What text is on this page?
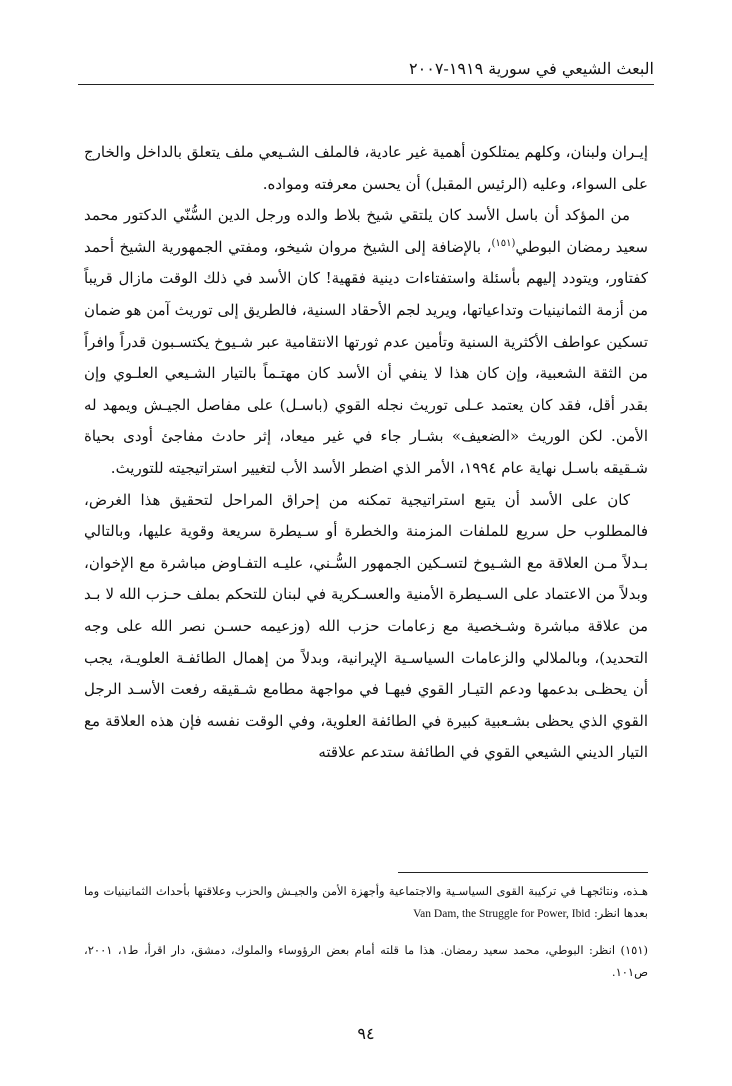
البعث الشيعي في سورية ١٩١٩-٢٠٠٧

إيـران ولبنان، وكلهم يمتلكون أهمية غير عادية، فالملف الشـيعي ملف يتعلق بالداخل والخارج على السواء، وعليه (الرئيس المقبل) أن يحسن معرفته ومواده.

من المؤكد أن باسل الأسد كان يلتقي شيخ بلاط والده ورجل الدين السُّنّي الدكتور محمد سعيد رمضان البوطي$^{(١٥١)}$، بالإضافة إلى الشيخ مروان شيخو، ومفتي الجمهورية الشيخ أحمد كفتاور، ويتودد إليهم بأسئلة واستفتاءات دينية فقهية! كان الأسد في ذلك الوقت مازال قريباً من أزمة الثمانينيات وتداعياتها، ويريد لجم الأحقاد السنية، فالطريق إلى توريث آمن هو ضمان تسكين عواطف الأكثرية السنية وتأمين عدم ثورتها الانتقامية عبر شـيوخ يكتسـبون قدراً وافراً من الثقة الشعبية، وإن كان هذا لا ينفي أن الأسد كان مهتـماً بالتيار الشـيعي العلـوي وإن بقدر أقل، فقد كان يعتمد عـلى توريث نجله القوي (باسـل) على مفاصل الجيـش ويمهد له الأمن. لكن الوريث «الضعيف» بشـار جاء في غير ميعاد، إثر حادث مفاجئ أودى بحياة شـقيقه باسـل نهاية عام ١٩٩٤، الأمر الذي اضطر الأسد الأب لتغيير استراتيجيته للتوريث.

كان على الأسد أن يتبع استراتيجية تمكنه من إحراق المراحل لتحقيق هذا الغرض، فالمطلوب حل سريع للملفات المزمنة والخطرة أو سـيطرة سريعة وقوية عليها، وبالتالي بـدلاً مـن العلاقة مع الشـيوخ لتسـكين الجمهور السُّـني، عليـه التفـاوض مباشرة مع الإخوان، وبدلاً من الاعتماد على السـيطرة الأمنية والعسـكرية في لبنان للتحكم بملف حـزب الله لا بـد من علاقة مباشرة وشـخصية مع زعامات حزب الله (وزعيمه حسـن نصر الله على وجه التحديد)، وبالملالي والزعامات السياسـية الإيرانية، وبدلاً من إهمال الطائفـة العلويـة، يجب أن يحظـى بدعمها ودعم التيـار القوي فيهـا في مواجهة مطامع شـقيقه رفعت الأسـد الرجل القوي الذي يحظى بشـعبية كبيرة في الطائفة العلوية، وفي الوقت نفسه فإن هذه العلاقة مع التيار الديني الشيعي القوي في الطائفة ستدعم علاقته

هـذه، ونتائجهـا في تركيبة القوى السياسـية والاجتماعية وأجهزة الأمن والجيـش والحزب وعلاقتها بأحداث الثمانينيات وما بعدها انظر: Van Dam, the Struggle for Power, Ibid

(١٥١) انظر: البوطي، محمد سعيد رمضان. هذا ما قلته أمام بعض الرؤوساء والملوك، دمشق، دار اقرأ، ط١، ٢٠٠١، ص١٠١.

٩٤
